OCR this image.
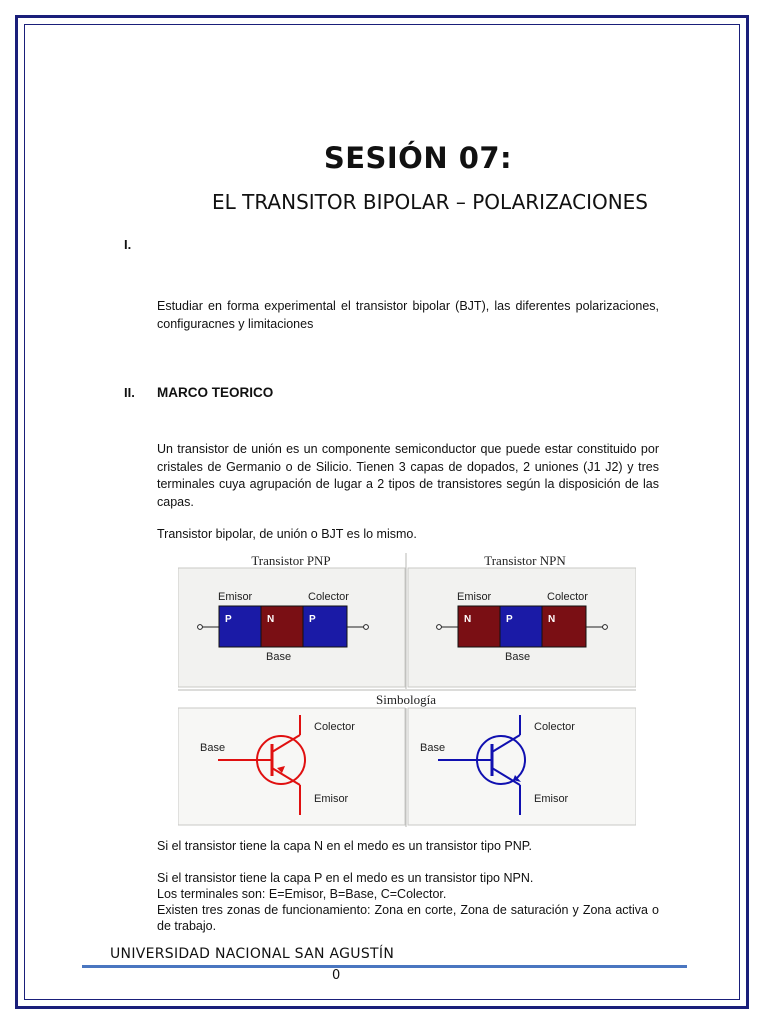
SESIÓN 07:
EL TRANSITOR BIPOLAR – POLARIZACIONES
I.
Estudiar en forma experimental el transistor bipolar (BJT), las diferentes polarizaciones, configuracnes y limitaciones
II. MARCO TEORICO
Un transistor de unión es un componente semiconductor que puede estar constituido por cristales de Germanio o de Silicio. Tienen 3 capas de dopados, 2 uniones (J1 J2) y tres terminales cuya agrupación de lugar a 2 tipos de transistores según la disposición de las capas.
Transistor bipolar, de unión o BJT es lo mismo.
Transistor PNP	Transistor NPN
Simbología
Emisor	Colector
P	N	P
Base
Emisor	Colector
N	P	N
Base
Base
Colector
Emisor
Base
Colector
Emisor
Si el transistor tiene la capa N en el medo es un transistor tipo PNP.
Si el transistor tiene la capa P en el medo es un transistor tipo NPN.
Los terminales son: E=Emisor, B=Base, C=Colector.
Existen tres zonas de funcionamiento: Zona en corte, Zona de saturación y Zona activa o de trabajo.
UNIVERSIDAD NACIONAL SAN AGUSTÍN
0
